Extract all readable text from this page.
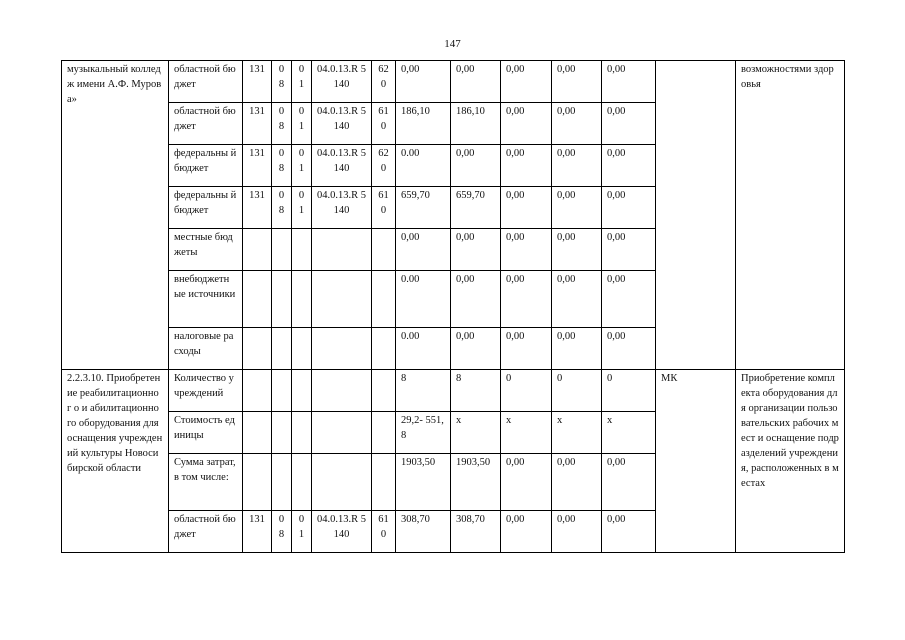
147
музыкальный колледж имени А.Ф. Мурова»	областной бюджет	131	0 8	0 1	04.0.13.R 5140	62 0	0,00	0,00	0,00	0,00	0,00		возможностями здоровья
	областной бюджет	131	0 8	0 1	04.0.13.R 5140	61 0	186,10	186,10	0,00	0,00	0,00		
	федеральны й бюджет	131	0 8	0 1	04.0.13.R 5140	62 0	0.00	0,00	0,00	0,00	0,00		
	федеральны й бюджет	131	0 8	0 1	04.0.13.R 5140	61 0	659,70	659,70	0,00	0,00	0,00		
	местные бюджеты						0,00	0,00	0,00	0,00	0,00		
	внебюджетн ые источники						0.00	0,00	0,00	0,00	0,00		
	налоговые расходы						0.00	0,00	0,00	0,00	0,00		
2.2.3.10. Приобретение реабилитационног о и абилитационного оборудования для оснащения учреждений культуры Новосибирской области	Количество учреждений						8	8	0	0	0	МК	Приобретение комплекта оборудования для организации пользовательских рабочих мест и оснащение подразделений учреждения, расположенных в местах
	Стоимость единицы						29,2- 551,8	х	х	х	х		
	Сумма затрат, в том числе:						1903,50	1903,50	0,00	0,00	0,00		
	областной бюджет	131	0 8	0 1	04.0.13.R 5140	61 0	308,70	308,70	0,00	0,00	0,00		
